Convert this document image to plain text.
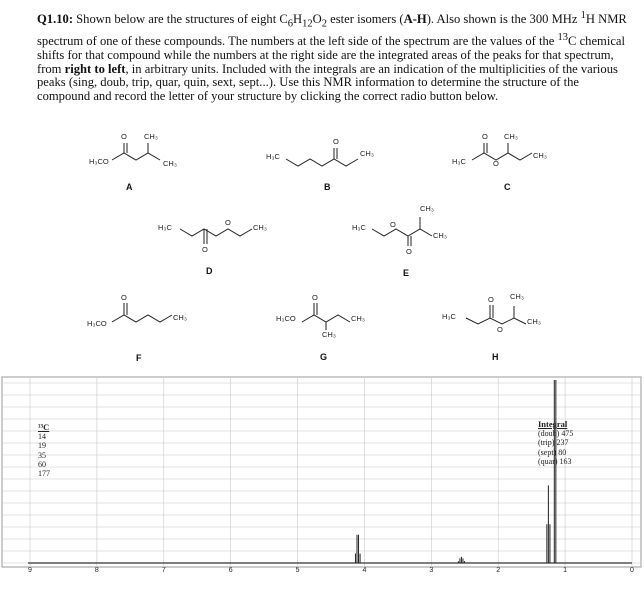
Q1.10: Shown below are the structures of eight $C_6H_{12}O_2$ ester isomers (A-H). Also shown is the 300 MHz $^1$H NMR spectrum of one of these compounds. The numbers at the left side of the spectrum are the values of the $^{13}$C chemical shifts for that compound while the numbers at the right side are the integrated areas of the peaks for that spectrum, from right to left, in arbitrary units. Included with the integrals are an indication of the multiplicities of the various peaks (sing, doub, trip, quar, quin, sext, sept...). Use this NMR information to determine the structure of the compound and record the letter of your structure by clicking the correct radio button below.
O CH₃
H₃CO	CH₃
A
O
H₃C	CH₃
B
O CH₃
H₃C	O
CH₃
C
H₃C
O
CH₃
O
D
CH₃
H₃C	O
CH₃
O
E
O
H₃CO
CH₃
F
O
H₃CO	CH₃
CH₃
G
O CH₃
H₃C
O
CH₃
H
¹³C
14
19
35
60
177
Integral
(doub) 475
(trip) 237
(sept) 80
(quar) 163
9	8	7	6	5	4	3	2	1	0
